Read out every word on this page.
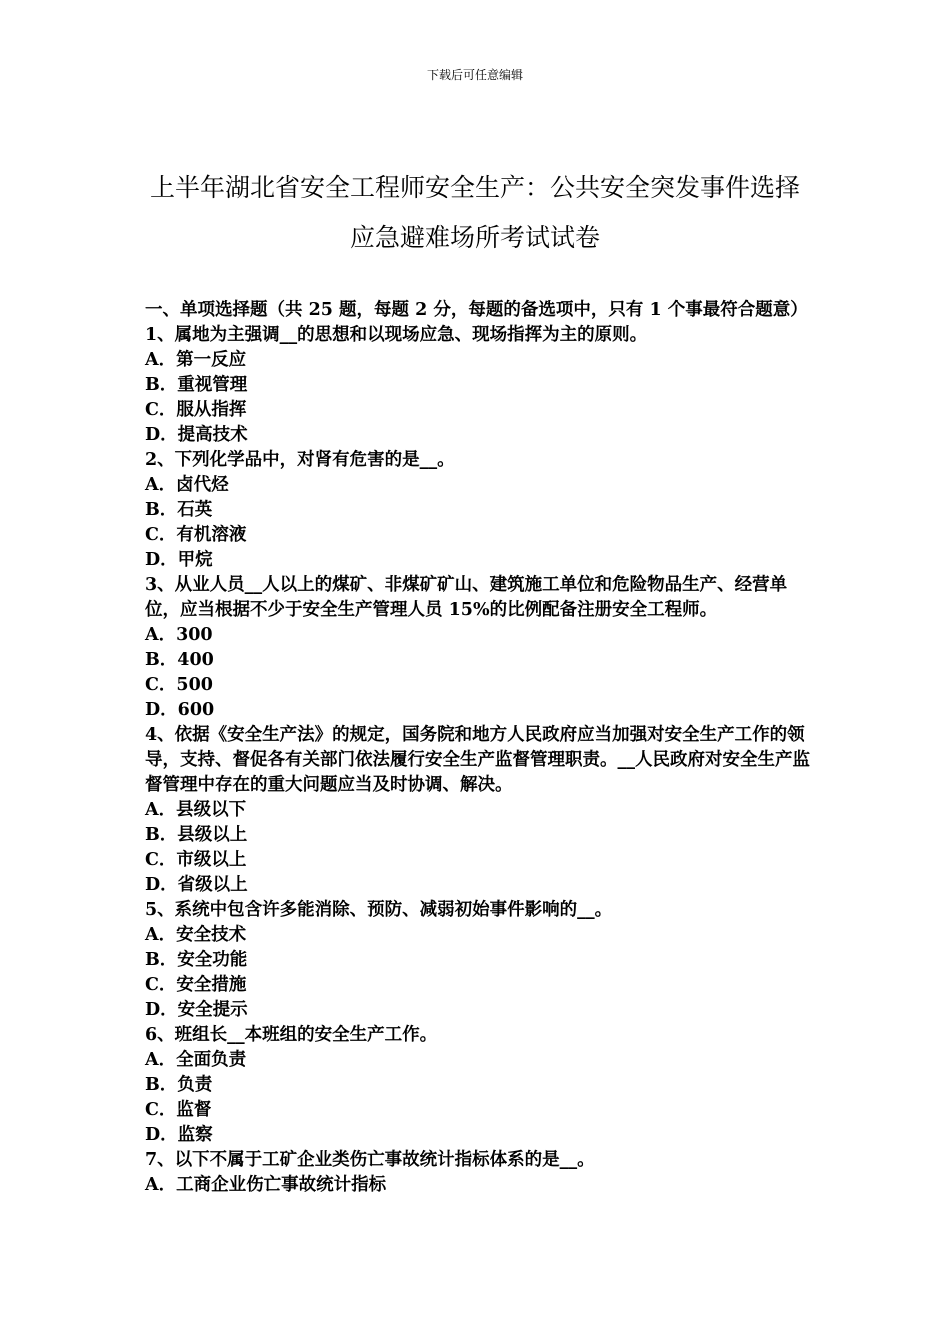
下载后可任意编辑
上半年湖北省安全工程师安全生产：公共安全突发事件选择应急避难场所考试试卷

一、单项选择题（共 25 题，每题 2 分，每题的备选项中，只有 1 个事最符合题意）

1、属地为主强调__的思想和以现场应急、现场指挥为主的原则。

A．第一反应

B．重视管理

C．服从指挥

D．提高技术

2、下列化学品中，对肾有危害的是__。

A．卤代烃

B．石英

C．有机溶液

D．甲烷

3、从业人员__人以上的煤矿、非煤矿矿山、建筑施工单位和危险物品生产、经营单位，应当根据不少于安全生产管理人员 15%的比例配备注册安全工程师。

A．300

B．400

C．500

D．600

4、依据《安全生产法》的规定，国务院和地方人民政府应当加强对安全生产工作的领导，支持、督促各有关部门依法履行安全生产监督管理职责。__人民政府对安全生产监督管理中存在的重大问题应当及时协调、解决。

A．县级以下

B．县级以上

C．市级以上

D．省级以上

5、系统中包含许多能消除、预防、减弱初始事件影响的__。

A．安全技术

B．安全功能

C．安全措施

D．安全提示

6、班组长__本班组的安全生产工作。

A．全面负责

B．负责

C．监督

D．监察

7、以下不属于工矿企业类伤亡事故统计指标体系的是__。

A．工商企业伤亡事故统计指标
